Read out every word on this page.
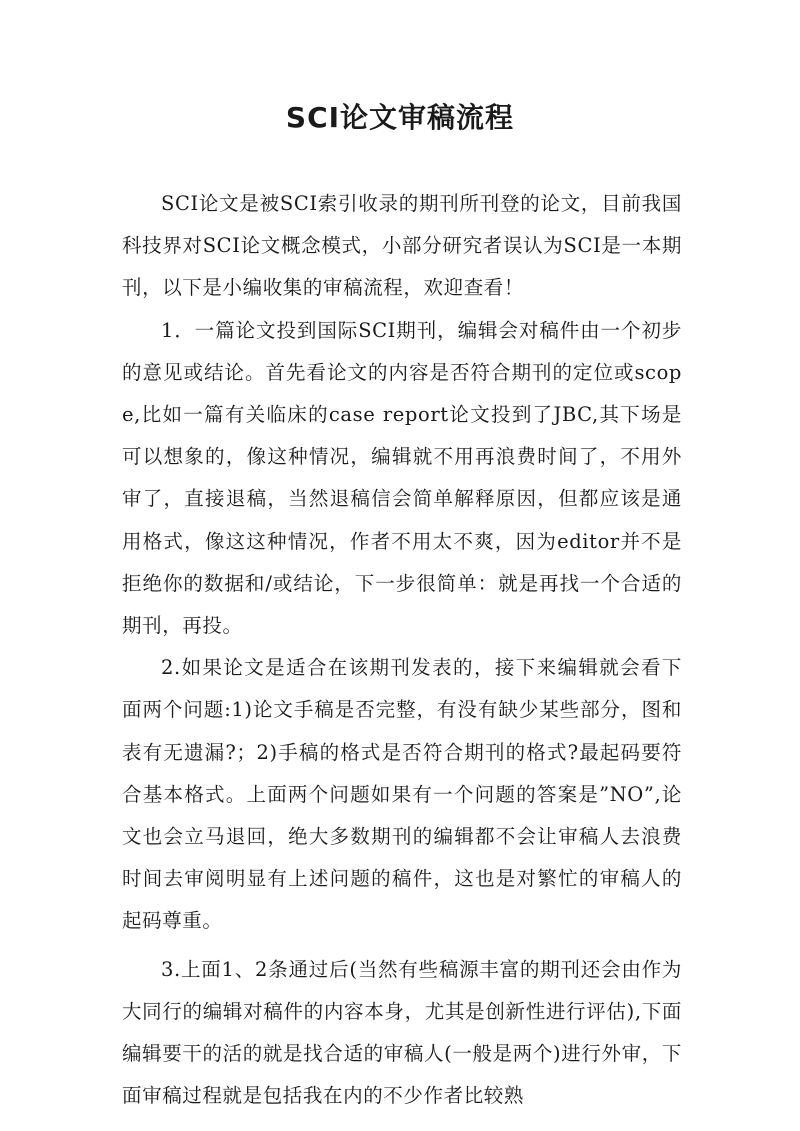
SCI论文审稿流程

SCI论文是被SCI索引收录的期刊所刊登的论文，目前我国科技界对SCI论文概念模式，小部分研究者误认为SCI是一本期刊，以下是小编收集的审稿流程，欢迎查看！

1．一篇论文投到国际SCI期刊，编辑会对稿件由一个初步的意见或结论。首先看论文的内容是否符合期刊的定位或scope,比如一篇有关临床的case report论文投到了JBC,其下场是可以想象的，像这种情况，编辑就不用再浪费时间了，不用外审了，直接退稿，当然退稿信会简单解释原因，但都应该是通用格式，像这这种情况，作者不用太不爽，因为editor并不是拒绝你的数据和/或结论，下一步很简单：就是再找一个合适的期刊，再投。

2.如果论文是适合在该期刊发表的，接下来编辑就会看下面两个问题:1)论文手稿是否完整，有没有缺少某些部分，图和表有无遗漏?；2)手稿的格式是否符合期刊的格式?最起码要符合基本格式。上面两个问题如果有一个问题的答案是”NO”,论文也会立马退回，绝大多数期刊的编辑都不会让审稿人去浪费时间去审阅明显有上述问题的稿件，这也是对繁忙的审稿人的起码尊重。

3.上面1、2条通过后(当然有些稿源丰富的期刊还会由作为大同行的编辑对稿件的内容本身，尤其是创新性进行评估),下面编辑要干的活的就是找合适的审稿人(一般是两个)进行外审，下面审稿过程就是包括我在内的不少作者比较熟
